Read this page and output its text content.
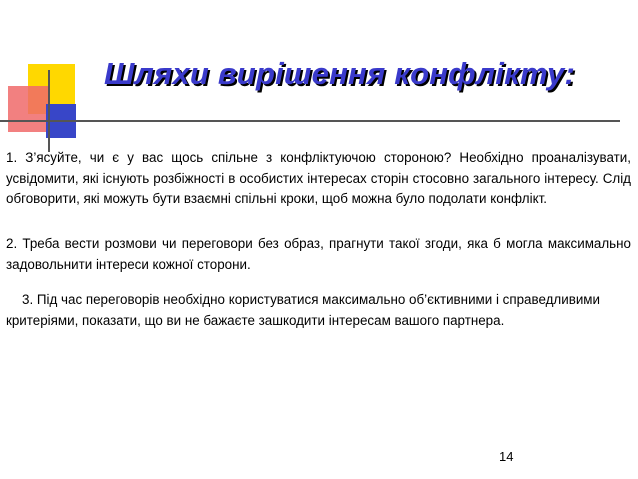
Шляхи вирішення конфлікту:

1. З’ясуйте, чи є у вас щось спільне з конфліктуючою стороною? Необхідно проаналізувати, усвідомити, які існують розбіжності в особистих інтересах сторін стосовно загального інтересу. Слід обговорити, які можуть бути взаємні спільні кроки, щоб можна було подолати конфлікт.

2. Треба вести розмови чи переговори без образ, прагнути такої згоди, яка б могла максимально задовольнити інтереси кожної сторони.

3. Під час переговорів необхідно користуватися максимально об’єктивними і справедливими критеріями, показати, що ви не бажаєте зашкодити інтересам вашого партнера.

14
